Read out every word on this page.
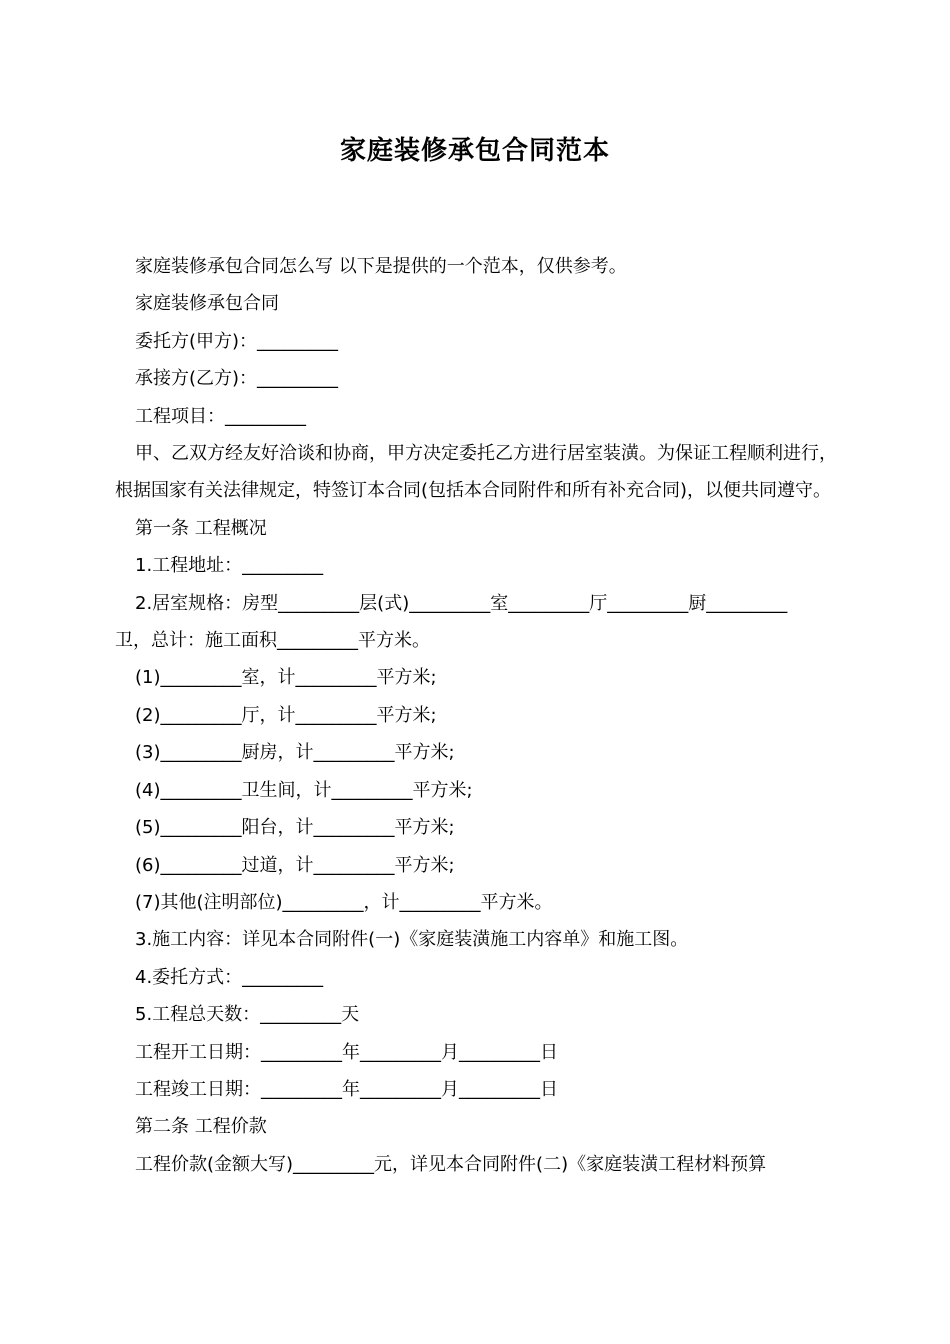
家庭装修承包合同范本

家庭装修承包合同怎么写 以下是提供的一个范本，仅供参考。

家庭装修承包合同

委托方(甲方)：_________

承接方(乙方)：_________

工程项目：_________

甲、乙双方经友好洽谈和协商，甲方决定委托乙方进行居室装潢。为保证工程顺利进行，根据国家有关法律规定，特签订本合同(包括本合同附件和所有补充合同)，以便共同遵守。

第一条 工程概况

1.工程地址：_________

2.居室规格：房型_________层(式)_________室_________厅_________厨_________

卫，总计：施工面积_________平方米。

(1)_________室，计_________平方米;

(2)_________厅，计_________平方米;

(3)_________厨房，计_________平方米;

(4)_________卫生间，计_________平方米;

(5)_________阳台，计_________平方米;

(6)_________过道，计_________平方米;

(7)其他(注明部位)_________，计_________平方米。

3.施工内容：详见本合同附件(一)《家庭装潢施工内容单》和施工图。

4.委托方式：_________

5.工程总天数：_________天

工程开工日期：_________年_________月_________日

工程竣工日期：_________年_________月_________日

第二条 工程价款

工程价款(金额大写)_________元，详见本合同附件(二)《家庭装潢工程材料预算
